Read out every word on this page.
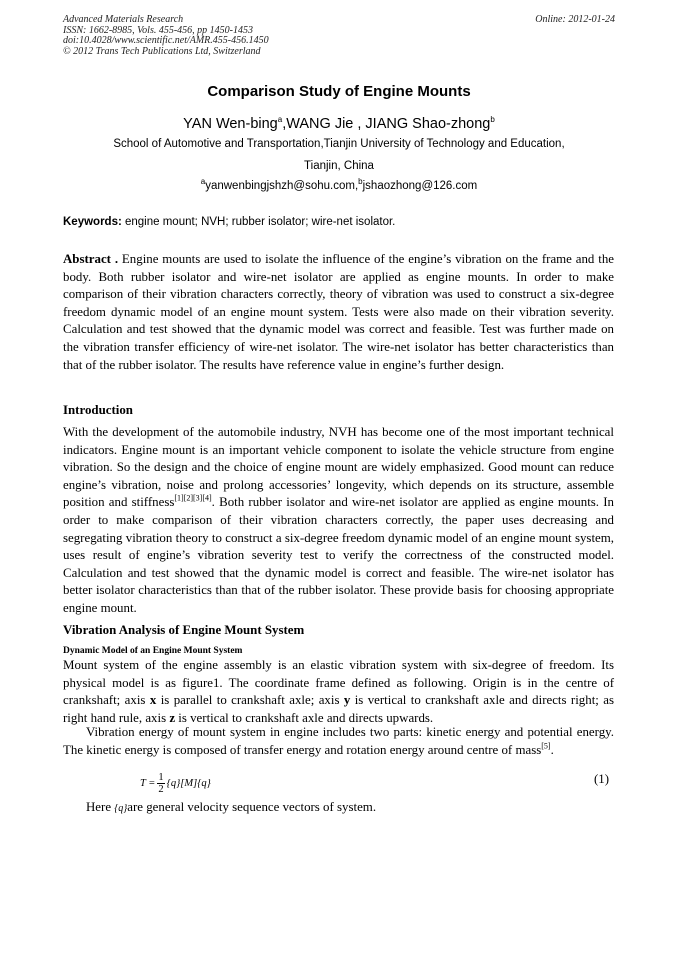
Advanced Materials Research
ISSN: 1662-8985, Vols. 455-456, pp 1450-1453
doi:10.4028/www.scientific.net/AMR.455-456.1450
© 2012 Trans Tech Publications Ltd, Switzerland
Online: 2012-01-24
Comparison Study of Engine Mounts
YAN Wen-bing$^a$,WANG Jie , JIANG Shao-zhong$^b$
School of Automotive and Transportation,Tianjin University of Technology and Education,
Tianjin, China
$^a$yanwenbingjshzh@sohu.com,$^b$jshaozhong@126.com
Keywords: engine mount; NVH; rubber isolator; wire-net isolator.
Abstract . Engine mounts are used to isolate the influence of the engine’s vibration on the frame and the body. Both rubber isolator and wire-net isolator are applied as engine mounts. In order to make comparison of their vibration characters correctly, theory of vibration was used to construct a six-degree freedom dynamic model of an engine mount system. Tests were also made on their vibration severity. Calculation and test showed that the dynamic model was correct and feasible. Test was further made on the vibration transfer efficiency of wire-net isolator. The wire-net isolator has better characteristics than that of the rubber isolator. The results have reference value in engine’s further design.
Introduction
With the development of the automobile industry, NVH has become one of the most important technical indicators. Engine mount is an important vehicle component to isolate the vehicle structure from engine vibration. So the design and the choice of engine mount are widely emphasized. Good mount can reduce engine’s vibration, noise and prolong accessories’ longevity, which depends on its structure, assemble position and stiffness[1][2][3][4]. Both rubber isolator and wire-net isolator are applied as engine mounts. In order to make comparison of their vibration characters correctly, the paper uses decreasing and segregating vibration theory to construct a six-degree freedom dynamic model of an engine mount system, uses result of engine’s vibration severity test to verify the correctness of the constructed model. Calculation and test showed that the dynamic model is correct and feasible. The wire-net isolator has better isolator characteristics than that of the rubber isolator. These provide basis for choosing appropriate engine mount.
Vibration Analysis of Engine Mount System
Dynamic Model of an Engine Mount System
Mount system of the engine assembly is an elastic vibration system with six-degree of freedom. Its physical model is as figure1. The coordinate frame defined as following. Origin is in the centre of crankshaft; axis x is parallel to crankshaft axle; axis y is vertical to crankshaft axle and directs right; as right hand rule, axis z is vertical to crankshaft axle and directs upwards.
Vibration energy of mount system in engine includes two parts: kinetic energy and potential energy. The kinetic energy is composed of transfer energy and rotation energy around centre of mass[5].
$T = \frac{1}{2} \{q\}[M]\{q\}$	(1)
Here {q}are general velocity sequence vectors of system.
